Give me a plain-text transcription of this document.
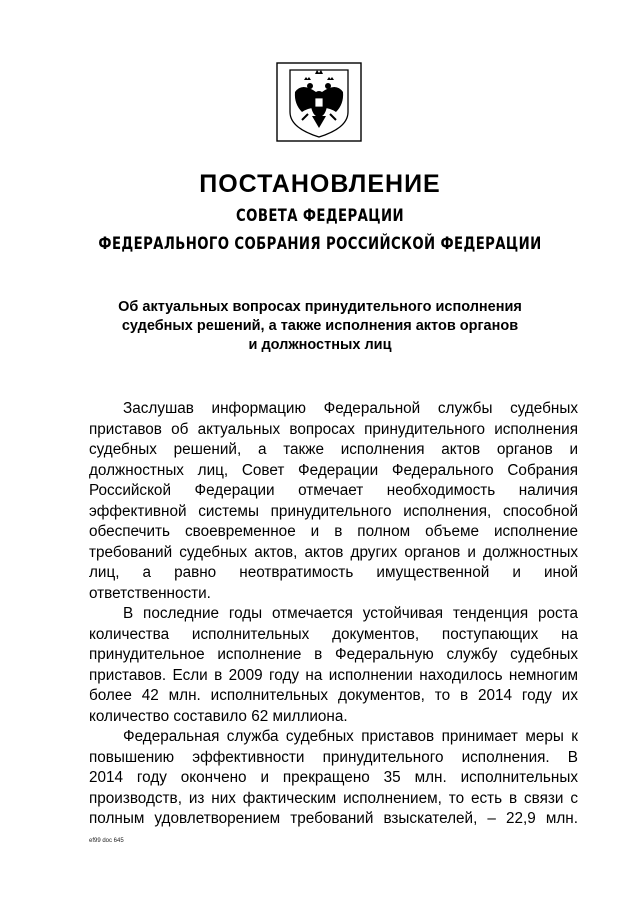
ПОСТАНОВЛЕНИЕ
СОВЕТА ФЕДЕРАЦИИ
ФЕДЕРАЛЬНОГО СОБРАНИЯ РОССИЙСКОЙ ФЕДЕРАЦИИ
Об актуальных вопросах принудительного исполнения
судебных решений, а также исполнения актов органов
и должностных лиц

Заслушав информацию Федеральной службы судебных
приставов об актуальных вопросах принудительного исполнения
судебных решений, а также исполнения актов органов и
должностных лиц, Совет Федерации Федерального Собрания
Российской Федерации отмечает необходимость наличия
эффективной системы принудительного исполнения, способной
обеспечить своевременное и в полном объеме исполнение
требований судебных актов, актов других органов и должностных
лиц, а равно неотвратимость имущественной и иной
ответственности.

В последние годы отмечается устойчивая тенденция роста
количества исполнительных документов, поступающих на
принудительное исполнение в Федеральную службу судебных
приставов. Если в 2009 году на исполнении находилось немногим
более 42 млн. исполнительных документов, то в 2014 году их
количество составило 62 миллиона.

Федеральная служба судебных приставов принимает меры к
повышению эффективности принудительного исполнения. В
2014 году окончено и прекращено 35 млн. исполнительных
производств, из них фактическим исполнением, то есть в связи с
полным удовлетворением требований взыскателей, – 22,9 млн.

ef99 doc 645
